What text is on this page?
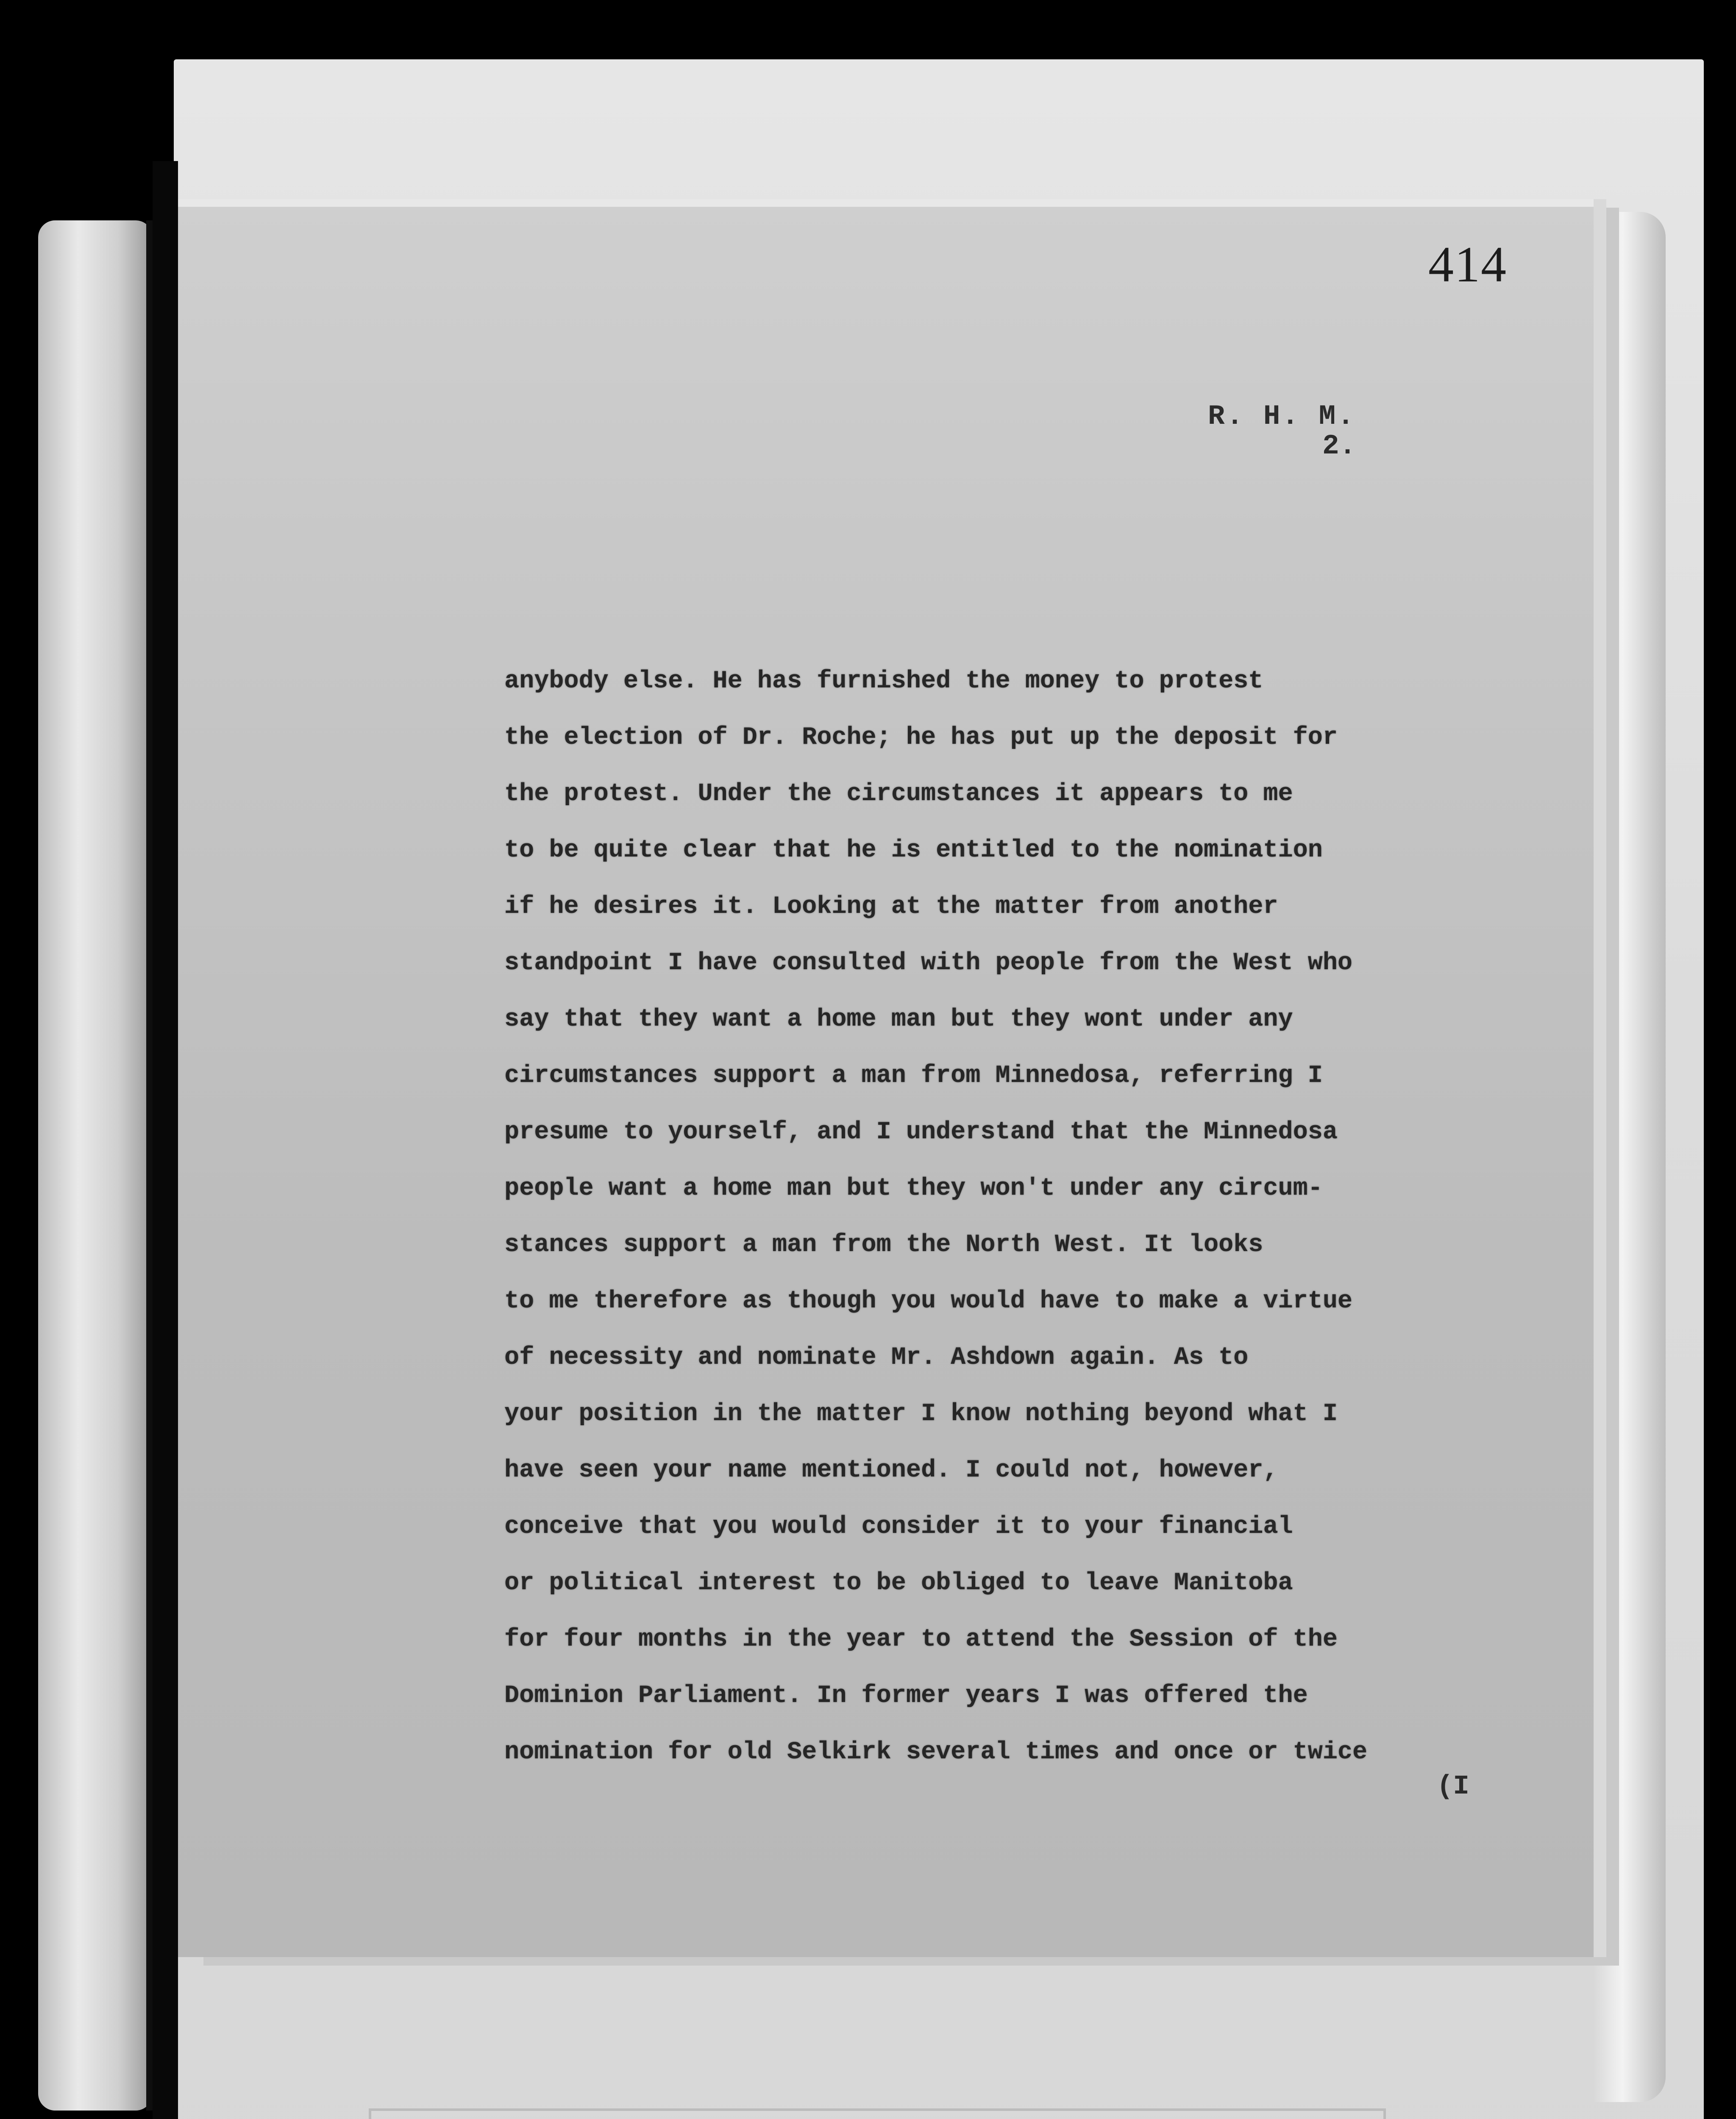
414
R. H. M.
2.
anybody else. He has furnished the money to protest
the election of Dr. Roche; he has put up the deposit for
the protest. Under the circumstances it appears to me
to be quite clear that he is entitled to the nomination
if he desires it. Looking at the matter from another
standpoint I have consulted with people from the West who
say that they want a home man but they wont under any
circumstances support a man from Minnedosa, referring I
presume to yourself, and I understand that the Minnedosa
people want a home man but they won't under any circum-
stances support a man from the North West. It looks
to me therefore as though you would have to make a virtue
of necessity and nominate Mr. Ashdown again. As to
your position in the matter I know nothing beyond what I
have seen your name mentioned. I could not, however,
conceive that you would consider it to your financial
or political interest to be obliged to leave Manitoba
for four months in the year to attend the Session of the
Dominion Parliament. In former years I was offered the
nomination for old Selkirk several times and once or twice
(I
